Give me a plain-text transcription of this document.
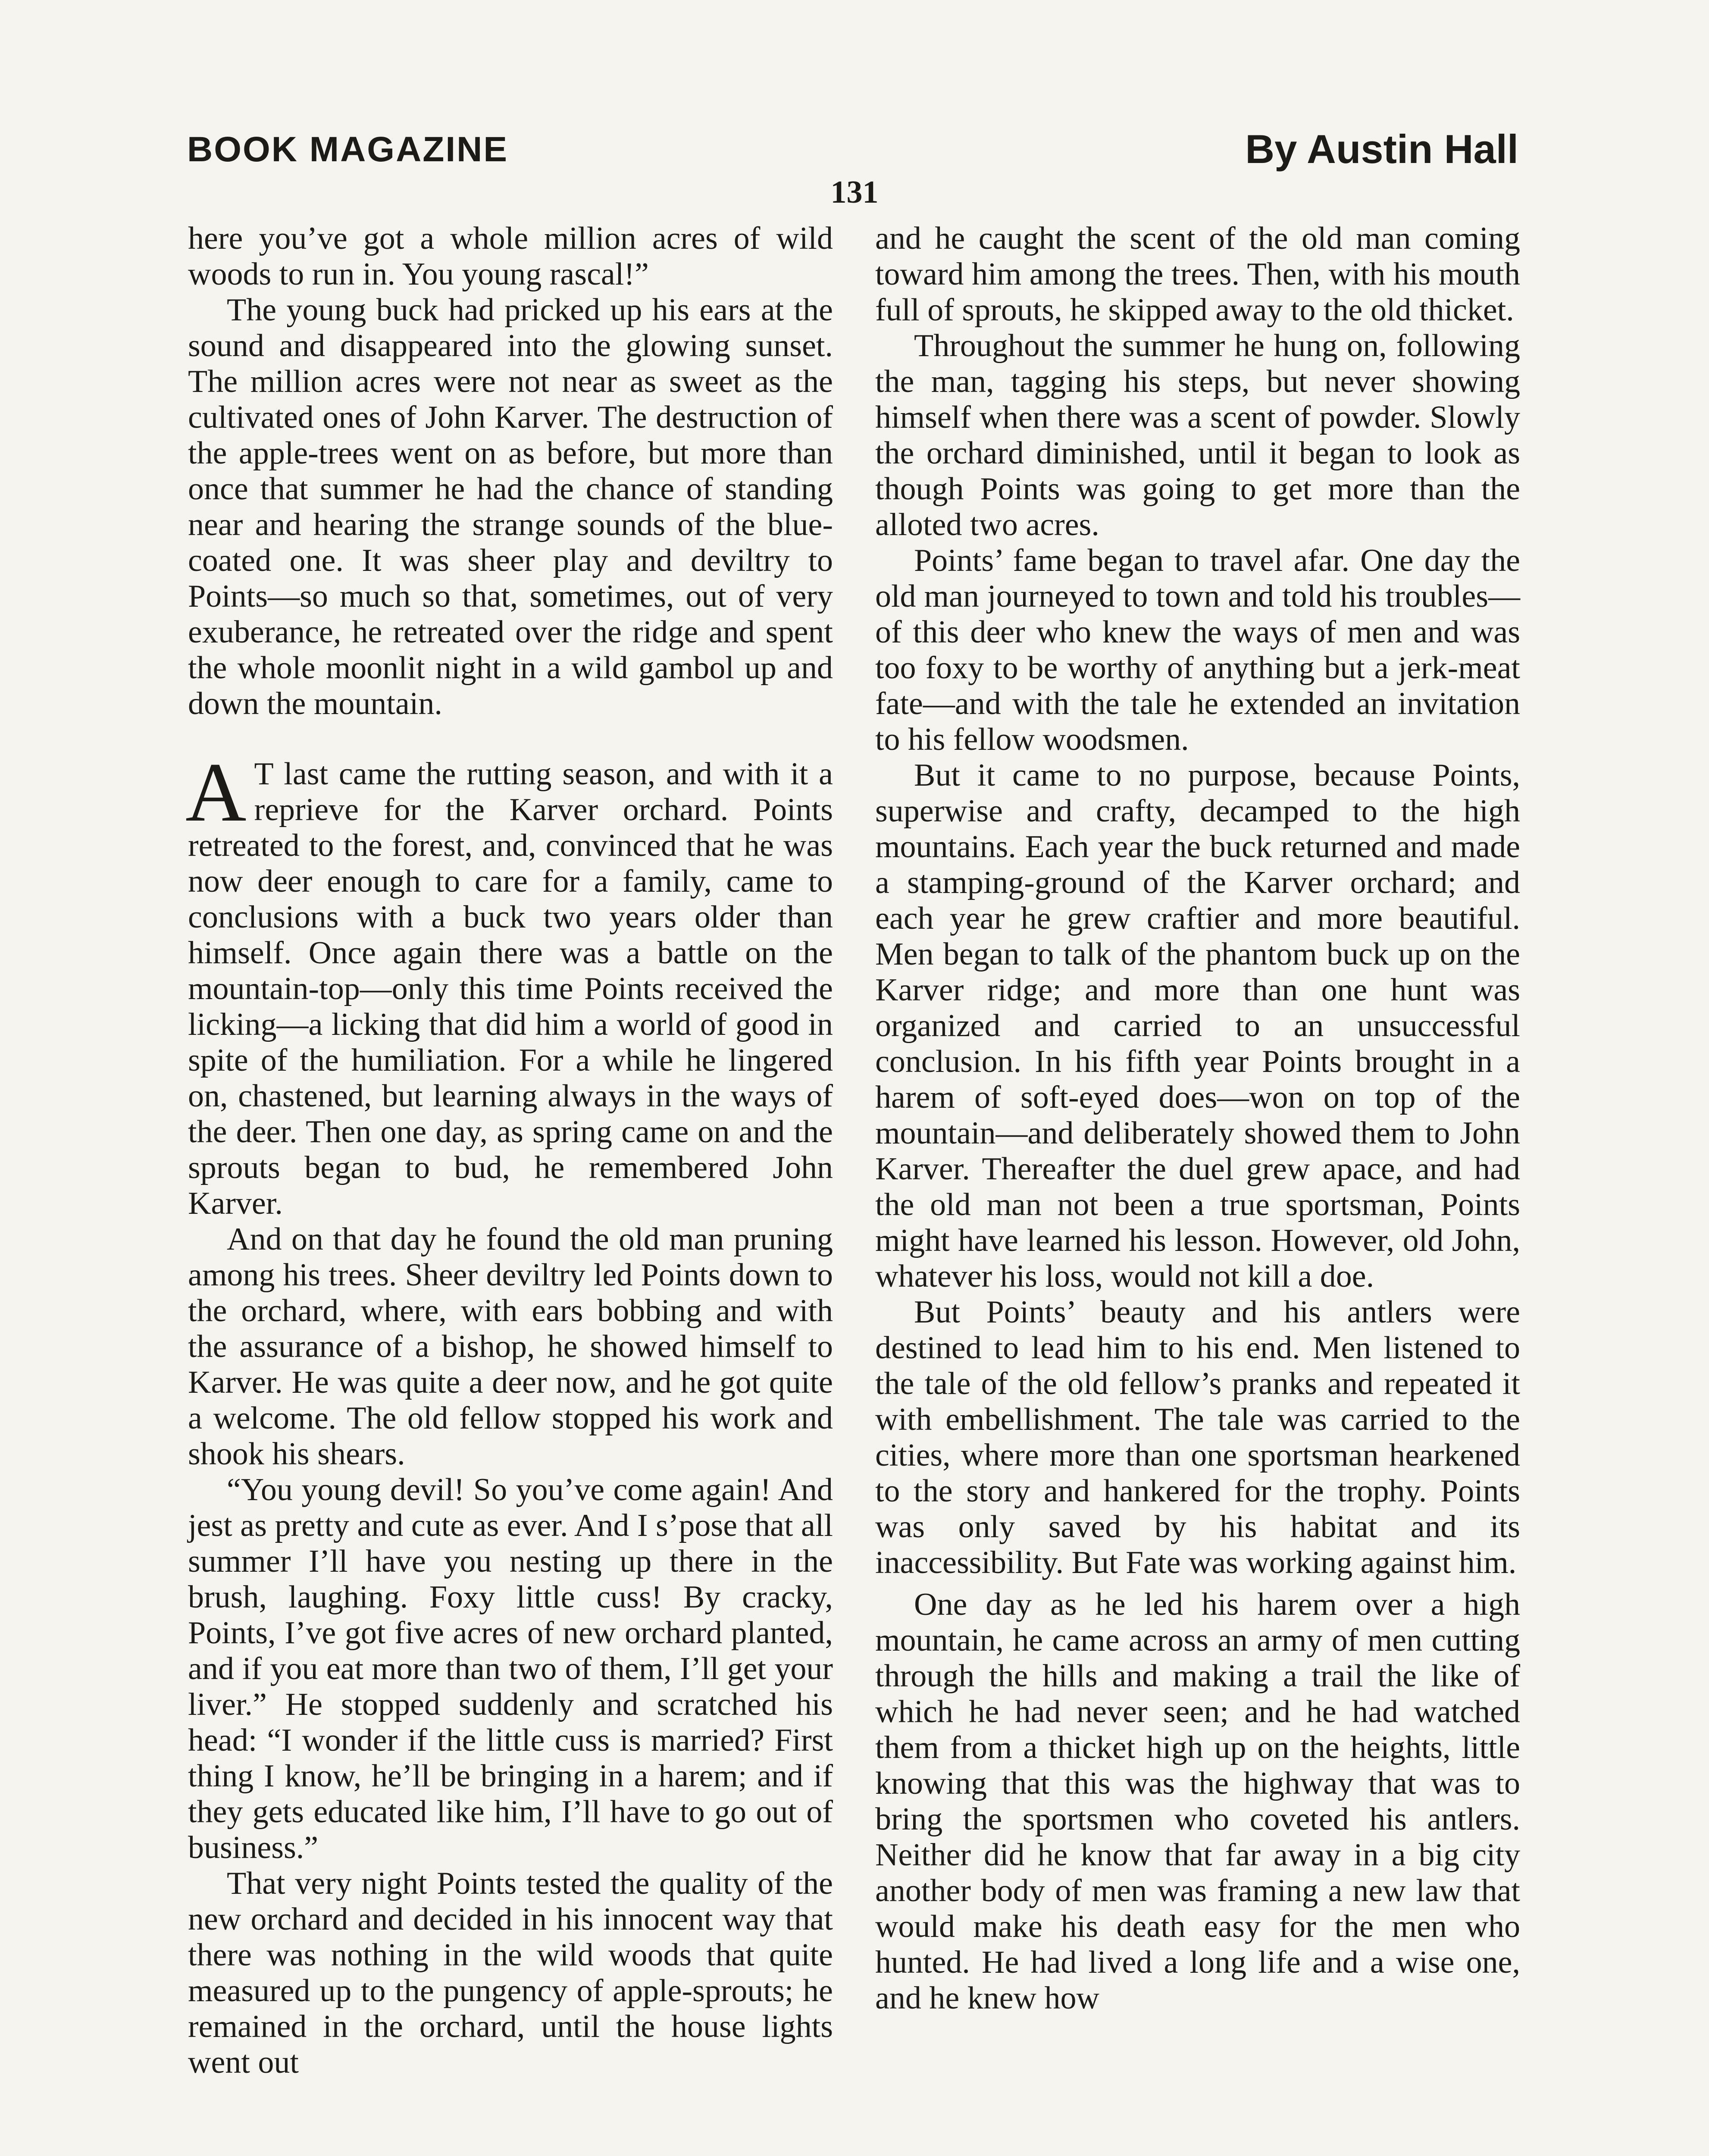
BOOK MAGAZINE	By Austin Hall
131

here you’ve got a whole million acres of wild woods to run in. You young rascal!”

The young buck had pricked up his ears at the sound and disappeared into the glowing sunset. The million acres were not near as sweet as the cultivated ones of John Karver. The destruction of the apple-trees went on as before, but more than once that summer he had the chance of standing near and hearing the strange sounds of the blue-coated one. It was sheer play and deviltry to Points—so much so that, sometimes, out of very exuberance, he retreated over the ridge and spent the whole moonlit night in a wild gambol up and down the mountain.

A T last came the rutting season, and with it a reprieve for the Karver orchard. Points retreated to the forest, and, convinced that he was now deer enough to care for a family, came to conclusions with a buck two years older than himself. Once again there was a battle on the mountain-top—only this time Points received the licking—a licking that did him a world of good in spite of the humiliation. For a while he lingered on, chastened, but learning always in the ways of the deer. Then one day, as spring came on and the sprouts began to bud, he remembered John Karver.

And on that day he found the old man pruning among his trees. Sheer deviltry led Points down to the orchard, where, with ears bobbing and with the assurance of a bishop, he showed himself to Karver. He was quite a deer now, and he got quite a welcome. The old fellow stopped his work and shook his shears.

“You young devil! So you’ve come again! And jest as pretty and cute as ever. And I s’pose that all summer I’ll have you nesting up there in the brush, laughing. Foxy little cuss! By cracky, Points, I’ve got five acres of new orchard planted, and if you eat more than two of them, I’ll get your liver.” He stopped suddenly and scratched his head: “I wonder if the little cuss is married? First thing I know, he’ll be bringing in a harem; and if they gets educated like him, I’ll have to go out of business.”

That very night Points tested the quality of the new orchard and decided in his innocent way that there was nothing in the wild woods that quite measured up to the pungency of apple-sprouts; he remained in the orchard, until the house lights went out

and he caught the scent of the old man coming toward him among the trees. Then, with his mouth full of sprouts, he skipped away to the old thicket.

Throughout the summer he hung on, following the man, tagging his steps, but never showing himself when there was a scent of powder. Slowly the orchard diminished, until it began to look as though Points was going to get more than the alloted two acres.

Points’ fame began to travel afar. One day the old man journeyed to town and told his troubles—of this deer who knew the ways of men and was too foxy to be worthy of anything but a jerk-meat fate—and with the tale he extended an invitation to his fellow woodsmen.

But it came to no purpose, because Points, superwise and crafty, decamped to the high mountains. Each year the buck returned and made a stamping-ground of the Karver orchard; and each year he grew craftier and more beautiful. Men began to talk of the phantom buck up on the Karver ridge; and more than one hunt was organized and carried to an unsuccessful conclusion. In his fifth year Points brought in a harem of soft-eyed does—won on top of the mountain—and deliberately showed them to John Karver. Thereafter the duel grew apace, and had the old man not been a true sportsman, Points might have learned his lesson. However, old John, whatever his loss, would not kill a doe.

But Points’ beauty and his antlers were destined to lead him to his end. Men listened to the tale of the old fellow’s pranks and repeated it with embellishment. The tale was carried to the cities, where more than one sportsman hearkened to the story and hankered for the trophy. Points was only saved by his habitat and its inaccessibility. But Fate was working against him.

One day as he led his harem over a high mountain, he came across an army of men cutting through the hills and making a trail the like of which he had never seen; and he had watched them from a thicket high up on the heights, little knowing that this was the highway that was to bring the sportsmen who coveted his antlers. Neither did he know that far away in a big city another body of men was framing a new law that would make his death easy for the men who hunted. He had lived a long life and a wise one, and he knew how
